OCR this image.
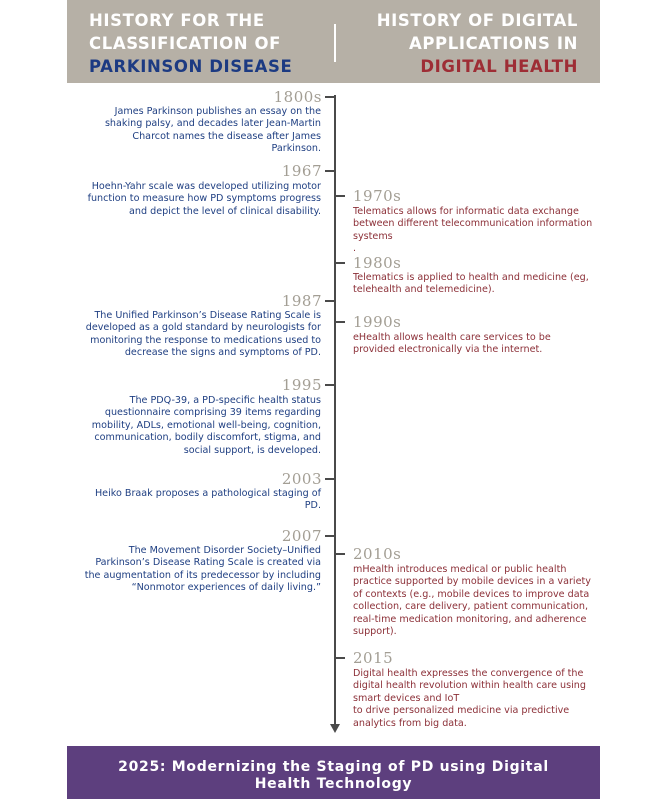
HISTORY FOR THE
CLASSIFICATION OF
PARKINSON DISEASE
HISTORY OF DIGITAL
APPLICATIONS IN
DIGITAL HEALTH
1800s
James Parkinson publishes an essay on the shaking palsy, and decades later Jean-Martin Charcot names the disease after James Parkinson.
1967
Hoehn-Yahr scale was developed utilizing motor function to measure how PD symptoms progress and depict the level of clinical disability.
1987
The Unified Parkinson’s Disease Rating Scale is developed as a gold standard by neurologists for monitoring the response to medications used to decrease the signs and symptoms of PD.
1995
The PDQ-39, a PD-specific health status questionnaire comprising 39 items regarding mobility, ADLs, emotional well-being, cognition, communication, bodily discomfort, stigma, and social support, is developed.
2003
Heiko Braak proposes a pathological staging of PD.
2007
The Movement Disorder Society–Unified Parkinson’s Disease Rating Scale is created via the augmentation of its predecessor by including “Nonmotor experiences of daily living.”
1970s
Telematics allows for informatic data exchange between different telecommunication information systems
.
1980s
Telematics is applied to health and medicine (eg, telehealth and telemedicine).
1990s
eHealth allows health care services to be provided electronically via the internet.
2010s
mHealth introduces medical or public health practice supported by mobile devices in a variety of contexts (e.g., mobile devices to improve data collection, care delivery, patient communication, real-time medication monitoring, and adherence support).
2015
Digital health expresses the convergence of the digital health revolution within health care using smart devices and IoT
to drive personalized medicine via predictive analytics from big data.
2025: Modernizing the Staging of PD using Digital
Health Technology
